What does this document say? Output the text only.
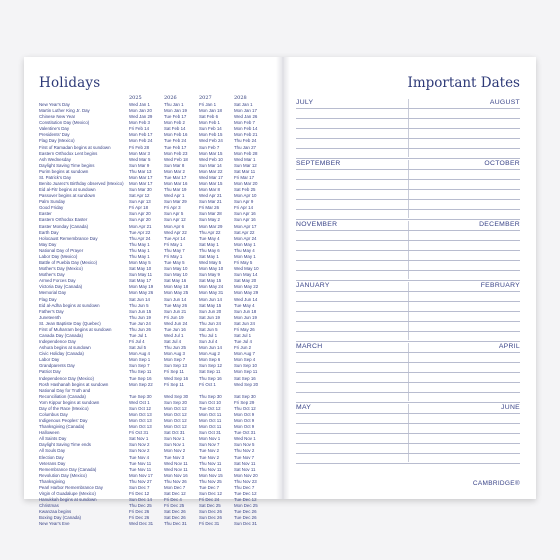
Holidays
2025	2026	2027	2028
New Year's Day	Wed Jan 1	Thu Jan 1	Fri Jan 1	Sat Jan 1
Martin Luther King Jr. Day	Mon Jan 20	Mon Jan 19	Mon Jan 18	Mon Jan 17
Chinese New Year	Wed Jan 29	Tue Feb 17	Sat Feb 6	Wed Jan 26
Constitution Day (Mexico)	Mon Feb 3	Mon Feb 2	Mon Feb 1	Mon Feb 7
Valentine's Day	Fri Feb 14	Sat Feb 14	Sun Feb 14	Mon Feb 14
Presidents' Day	Mon Feb 17	Mon Feb 16	Mon Feb 15	Mon Feb 21
Flag Day (Mexico)	Mon Feb 24	Tue Feb 24	Wed Feb 24	Thu Feb 24
First of Ramadan begins at sundown	Fri Feb 28	Tue Feb 17	Sun Feb 7	Thu Jan 27
Eastern Orthodox Lent begins	Mon Mar 3	Mon Feb 23	Mon Mar 15	Mon Feb 28
Ash Wednesday	Wed Mar 5	Wed Feb 18	Wed Feb 10	Wed Mar 1
Daylight Saving Time begins	Sun Mar 9	Sun Mar 8	Sun Mar 14	Sun Mar 12
Purim begins at sundown	Thu Mar 13	Mon Mar 2	Mon Mar 22	Sat Mar 11
St. Patrick's Day	Mon Mar 17	Tue Mar 17	Wed Mar 17	Fri Mar 17
Benito Juarez's Birthday observed (Mexico)	Mon Mar 17	Mon Mar 16	Mon Mar 15	Mon Mar 20
Eid al-Fitr begins at sundown	Sun Mar 30	Thu Mar 19	Mon Mar 8	Sat Feb 25
Passover begins at sundown	Sat Apr 12	Wed Apr 1	Wed Apr 21	Mon Apr 10
Palm Sunday	Sun Apr 13	Sun Mar 29	Sun Mar 21	Sun Apr 9
Good Friday	Fri Apr 18	Fri Apr 3	Fri Mar 26	Fri Apr 14
Easter	Sun Apr 20	Sun Apr 5	Sun Mar 28	Sun Apr 16
Eastern Orthodox Easter	Sun Apr 20	Sun Apr 12	Sun May 2	Sun Apr 16
Easter Monday (Canada)	Mon Apr 21	Mon Apr 6	Mon Mar 29	Mon Apr 17
Earth Day	Tue Apr 22	Wed Apr 22	Thu Apr 22	Sat Apr 22
Holocaust Remembrance Day	Thu Apr 24	Tue Apr 14	Tue May 4	Mon Apr 24
May Day	Thu May 1	Fri May 1	Sat May 1	Mon May 1
National Day of Prayer	Thu May 1	Thu May 7	Thu May 6	Thu May 4
Labor Day (Mexico)	Thu May 1	Fri May 1	Sat May 1	Mon May 1
Battle of Puebla Day (Mexico)	Mon May 5	Tue May 5	Wed May 5	Fri May 5
Mother's Day (Mexico)	Sat May 10	Sun May 10	Mon May 10	Wed May 10
Mother's Day	Sun May 11	Sun May 10	Sun May 9	Sun May 14
Armed Forces Day	Sat May 17	Sat May 16	Sat May 15	Sat May 20
Victoria Day (Canada)	Mon May 19	Mon May 18	Mon May 24	Mon May 22
Memorial Day	Mon May 26	Mon May 25	Mon May 31	Mon May 29
Flag Day	Sat Jun 14	Sun Jun 14	Mon Jun 14	Wed Jun 14
Eid al-Adha begins at sundown	Thu Jun 5	Tue May 26	Sat May 15	Tue May 4
Father's Day	Sun Jun 15	Sun Jun 21	Sun Jun 20	Sun Jun 18
Juneteenth	Thu Jun 19	Fri Jun 19	Sat Jun 19	Mon Jun 19
St. Jean Baptiste Day (Quebec)	Tue Jun 24	Wed Jun 24	Thu Jun 24	Sat Jun 24
First of Muharram begins at sundown	Thu Jun 26	Tue Jun 16	Sat Jun 5	Fri May 26
Canada Day (Canada)	Tue Jul 1	Wed Jul 1	Thu Jul 1	Sat Jul 1
Independence Day	Fri Jul 4	Sat Jul 4	Sun Jul 4	Tue Jul 4
Ashura begins at sundown	Sat Jul 5	Thu Jun 25	Mon Jun 14	Fri Jun 2
Civic Holiday (Canada)	Mon Aug 4	Mon Aug 3	Mon Aug 2	Mon Aug 7
Labor Day	Mon Sep 1	Mon Sep 7	Mon Sep 6	Mon Sep 4
Grandparents Day	Sun Sep 7	Sun Sep 13	Sun Sep 12	Sun Sep 10
Patriot Day	Thu Sep 11	Fri Sep 11	Sat Sep 11	Mon Sep 11
Independence Day (Mexico)	Tue Sep 16	Wed Sep 16	Thu Sep 16	Sat Sep 16
Rosh Hashanah begins at sundown	Mon Sep 22	Fri Sep 11	Fri Oct 1	Wed Sep 20
National Day for Truth and
Reconciliation (Canada)	Tue Sep 30	Wed Sep 30	Thu Sep 30	Sat Sep 30
Yom Kippur begins at sundown	Wed Oct 1	Sun Sep 20	Sun Oct 10	Fri Sep 29
Day of the Race (Mexico)	Sun Oct 12	Mon Oct 12	Tue Oct 12	Thu Oct 12
Columbus Day	Mon Oct 13	Mon Oct 12	Mon Oct 11	Mon Oct 9
Indigenous Peoples' Day	Mon Oct 13	Mon Oct 12	Mon Oct 11	Mon Oct 9
Thanksgiving (Canada)	Mon Oct 13	Mon Oct 12	Mon Oct 11	Mon Oct 9
Halloween	Fri Oct 31	Sat Oct 31	Sun Oct 31	Tue Oct 31
All Saints Day	Sat Nov 1	Sun Nov 1	Mon Nov 1	Wed Nov 1
Daylight Saving Time ends	Sun Nov 2	Sun Nov 1	Sun Nov 7	Sun Nov 5
All Souls Day	Sun Nov 2	Mon Nov 2	Tue Nov 2	Thu Nov 2
Election Day	Tue Nov 4	Tue Nov 3	Tue Nov 2	Tue Nov 7
Veterans Day	Tue Nov 11	Wed Nov 11	Thu Nov 11	Sat Nov 11
Remembrance Day (Canada)	Tue Nov 11	Wed Nov 11	Thu Nov 11	Sat Nov 11
Revolution Day (Mexico)	Mon Nov 17	Mon Nov 16	Mon Nov 15	Mon Nov 20
Thanksgiving	Thu Nov 27	Thu Nov 26	Thu Nov 25	Thu Nov 23
Pearl Harbor Remembrance Day	Sun Dec 7	Mon Dec 7	Tue Dec 7	Thu Dec 7
Virgin of Guadalupe (Mexico)	Fri Dec 12	Sat Dec 12	Sun Dec 12	Tue Dec 12
Hanukkah begins at sundown	Sun Dec 14	Fri Dec 4	Fri Dec 24	Tue Dec 12
Christmas	Thu Dec 25	Fri Dec 25	Sat Dec 25	Mon Dec 25
Kwanzaa begins	Fri Dec 26	Sat Dec 26	Sun Dec 26	Tue Dec 26
Boxing Day (Canada)	Fri Dec 26	Sat Dec 26	Sun Dec 26	Tue Dec 26
New Year's Eve	Wed Dec 31	Thu Dec 31	Fri Dec 31	Sun Dec 31
Important Dates
CAMBRIDGE®
JULY	AUGUST
SEPTEMBER	OCTOBER
NOVEMBER	DECEMBER
JANUARY	FEBRUARY
MARCH	APRIL
MAY	JUNE
